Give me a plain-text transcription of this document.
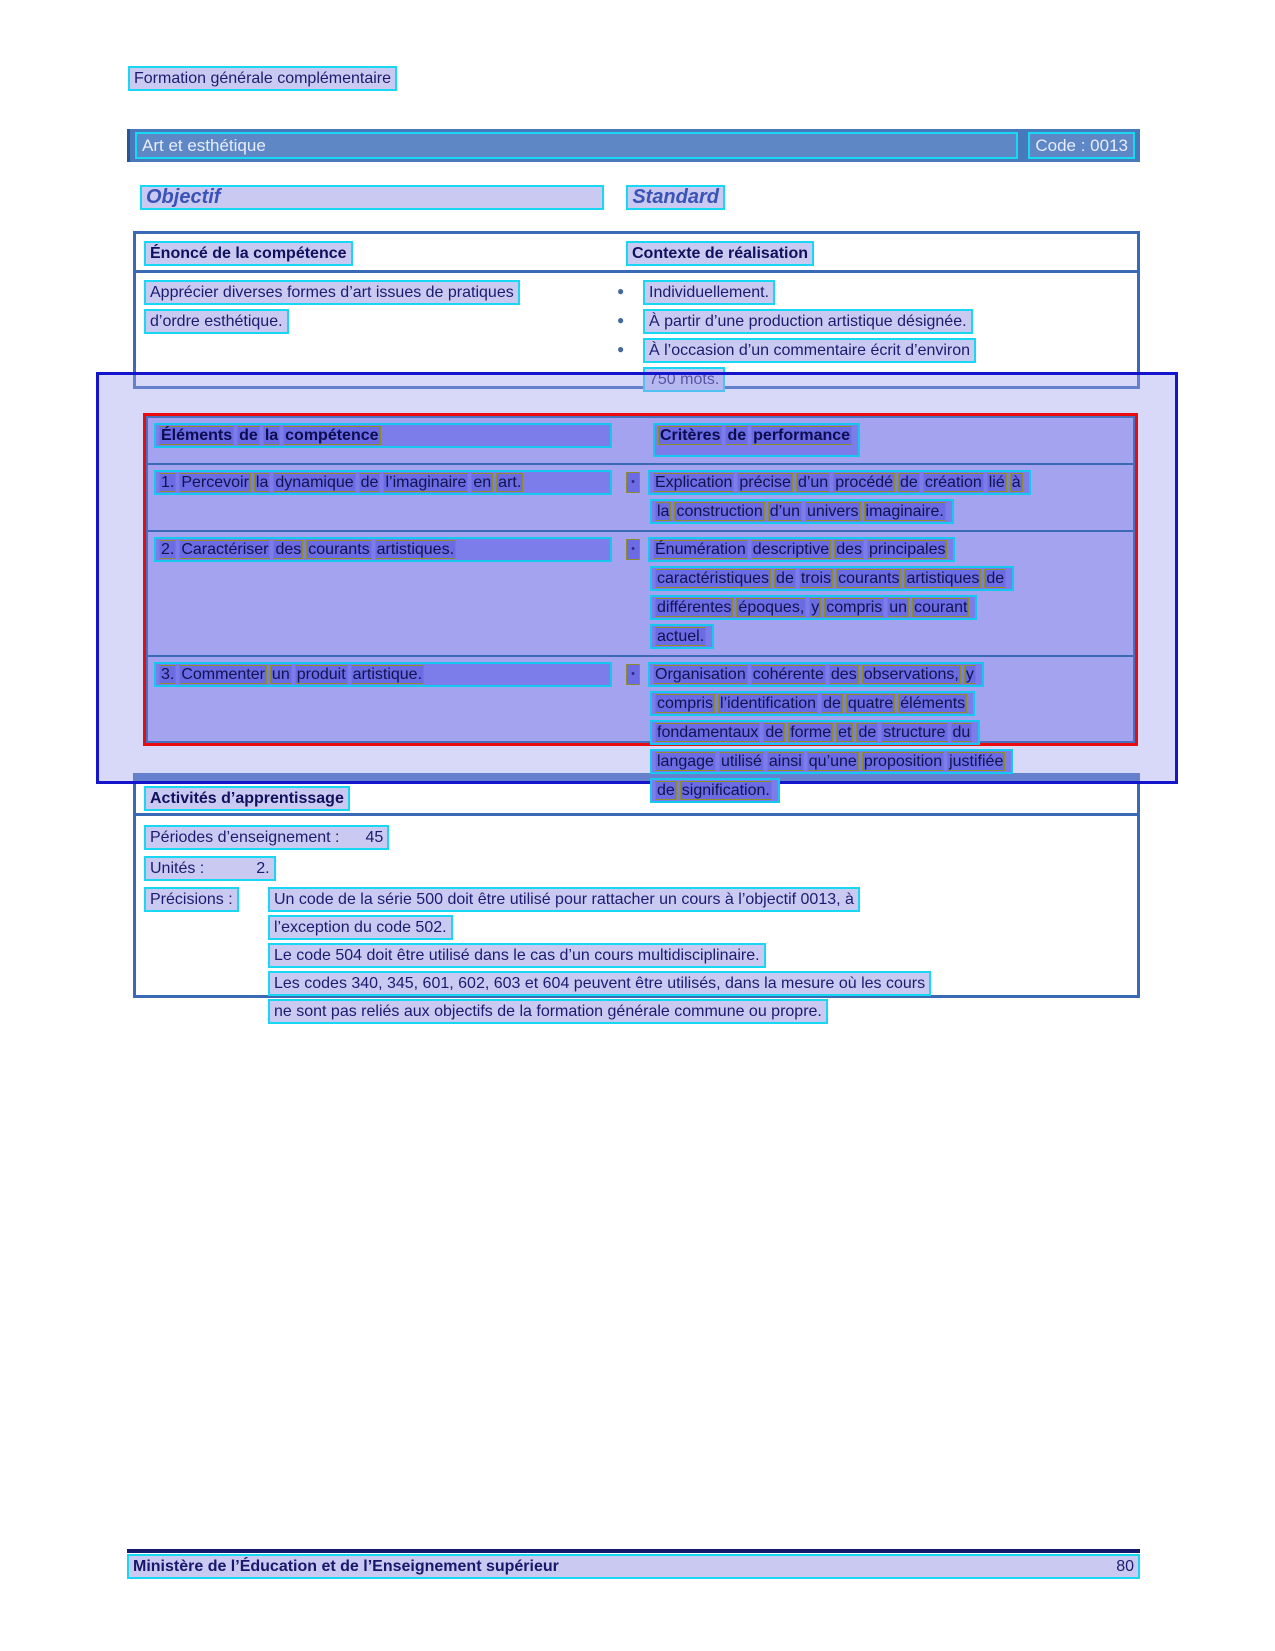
Formation générale complémentaire
Art et esthétique	Code : 0013
Objectif	Standard
Énoncé de la compétence	Contexte de réalisation
Apprécier diverses formes d’art issues de pratiques
d’ordre esthétique.
●	Individuellement.
●	À partir d’une production artistique désignée.
●	À l’occasion d’un commentaire écrit d’environ
750 mots.
Activités d’apprentissage
Périodes d’enseignement : 45
Unités :	2.
Précisions :	Un code de la série 500 doit être utilisé pour rattacher un cours à l’objectif 0013, à
l’exception du code 502.
Le code 504 doit être utilisé dans le cas d’un cours multidisciplinaire.
Les codes 340, 345, 601, 602, 603 et 604 peuvent être utilisés, dans la mesure où les cours
ne sont pas reliés aux objectifs de la formation générale commune ou propre.
Éléments de la compétence	Critères de performance
1. Percevoir la dynamique de l’imaginaire en art.	•	Explication précise d’un procédé de création lié à
la construction d’un univers imaginaire.
2. Caractériser des courants artistiques.	•	Énumération descriptive des principales
caractéristiques de trois courants artistiques de
différentes époques, y compris un courant
actuel.
3. Commenter un produit artistique.	•	Organisation cohérente des observations, y
compris l’identification de quatre éléments
fondamentaux de forme et de structure du
langage utilisé ainsi qu’une proposition justifiée
de signification.
Ministère de l’Éducation et de l’Enseignement supérieur	80
